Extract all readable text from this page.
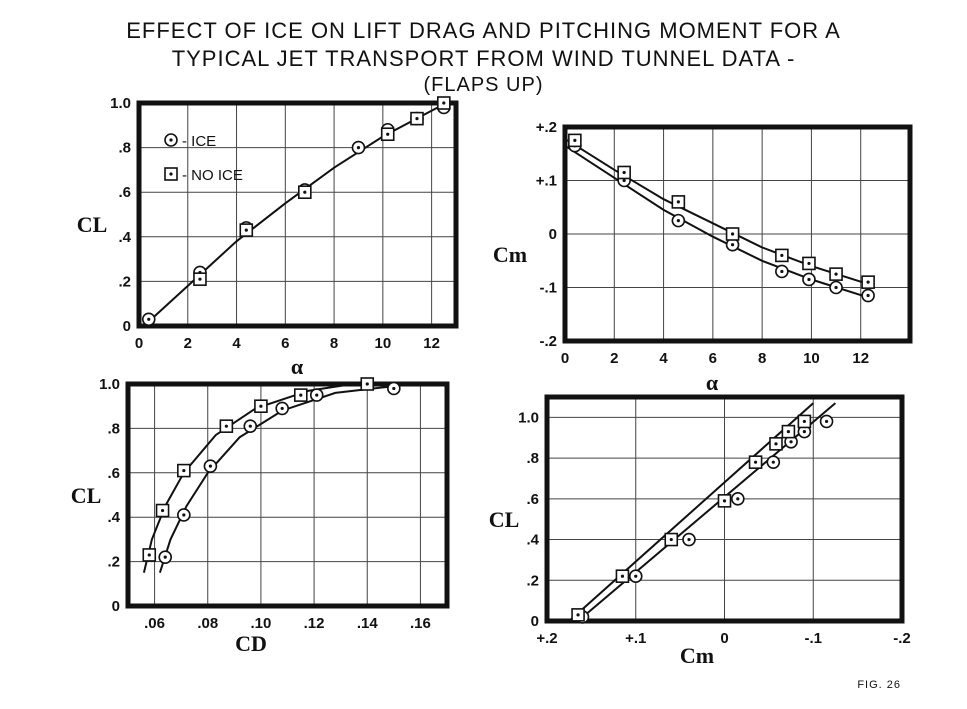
EFFECT OF ICE ON LIFT DRAG AND PITCHING MOMENT FOR A
TYPICAL JET TRANSPORT FROM WIND TUNNEL DATA -
(FLAPS UP)
FIG. 26
0	2	4	6	8 10 12
0
.2
.4
.6
.8
1.0
α
CL
- ICE
- NO ICE
0	2	4	6	8 10 12
-.2
-.1
0
+.1
+.2
α
Cm
.06 .08 .10 .12 .14 .16
0
.2
.4
.6
.8
1.0
CD
CL
+.2	+.1	0	-.1	-.2
0
.2
.4
.6
.8
1.0
Cm
CL
